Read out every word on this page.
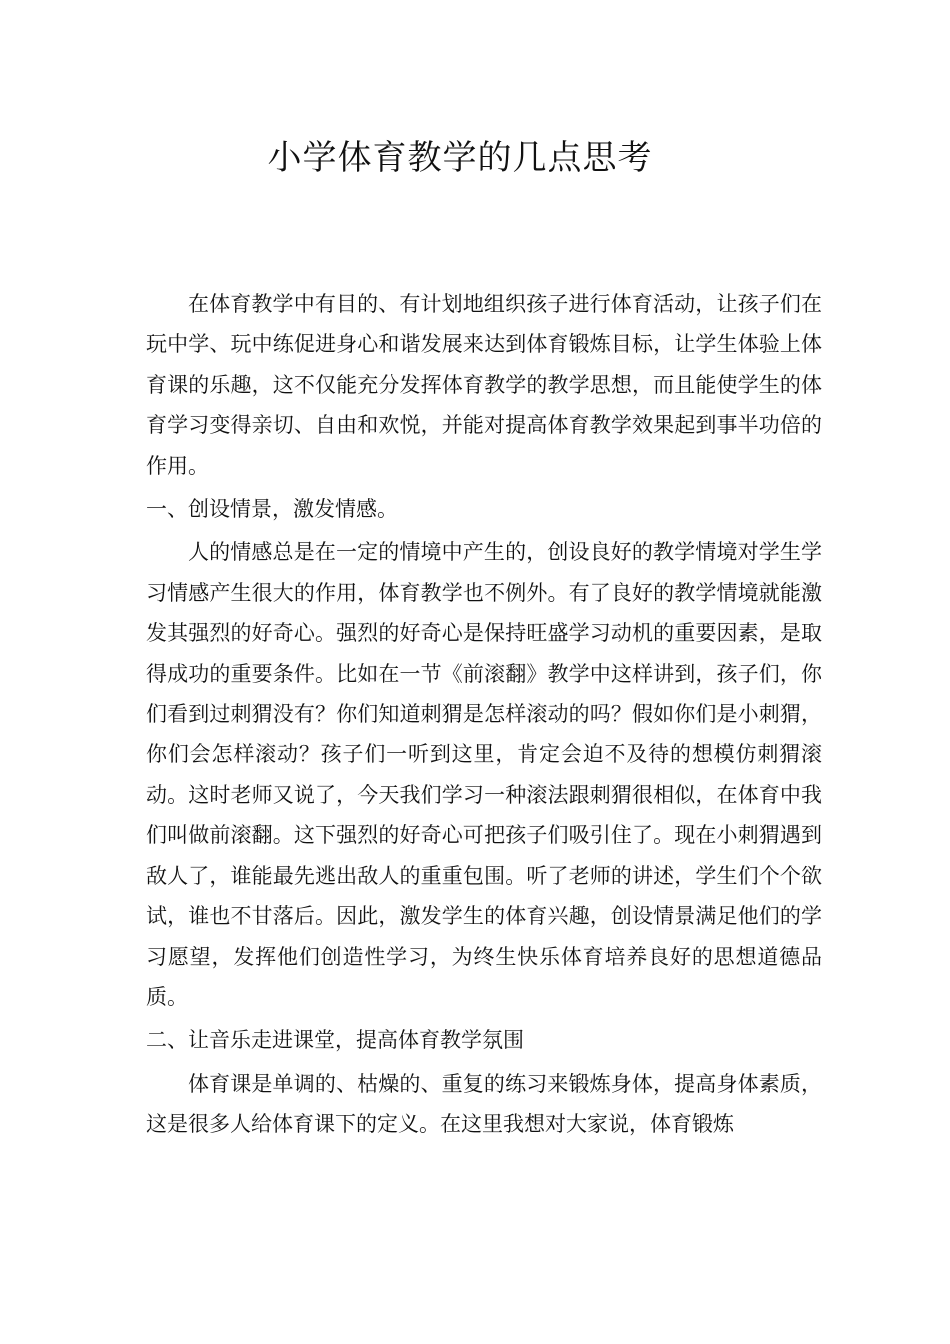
小学体育教学的几点思考

在体育教学中有目的、有计划地组织孩子进行体育活动，让孩子们在玩中学、玩中练促进身心和谐发展来达到体育锻炼目标，让学生体验上体育课的乐趣，这不仅能充分发挥体育教学的教学思想，而且能使学生的体育学习变得亲切、自由和欢悦，并能对提高体育教学效果起到事半功倍的作用。

一、创设情景，激发情感。

人的情感总是在一定的情境中产生的，创设良好的教学情境对学生学习情感产生很大的作用，体育教学也不例外。有了良好的教学情境就能激发其强烈的好奇心。强烈的好奇心是保持旺盛学习动机的重要因素，是取得成功的重要条件。比如在一节《前滚翻》教学中这样讲到，孩子们，你们看到过刺猬没有？你们知道刺猬是怎样滚动的吗？假如你们是小刺猬，你们会怎样滚动？孩子们一听到这里，肯定会迫不及待的想模仿刺猬滚动。这时老师又说了，今天我们学习一种滚法跟刺猬很相似，在体育中我们叫做前滚翻。这下强烈的好奇心可把孩子们吸引住了。现在小刺猬遇到敌人了，谁能最先逃出敌人的重重包围。听了老师的讲述，学生们个个欲试，谁也不甘落后。因此，激发学生的体育兴趣，创设情景满足他们的学习愿望，发挥他们创造性学习，为终生快乐体育培养良好的思想道德品质。

二、让音乐走进课堂，提高体育教学氛围

体育课是单调的、枯燥的、重复的练习来锻炼身体，提高身体素质，这是很多人给体育课下的定义。在这里我想对大家说，体育锻炼
